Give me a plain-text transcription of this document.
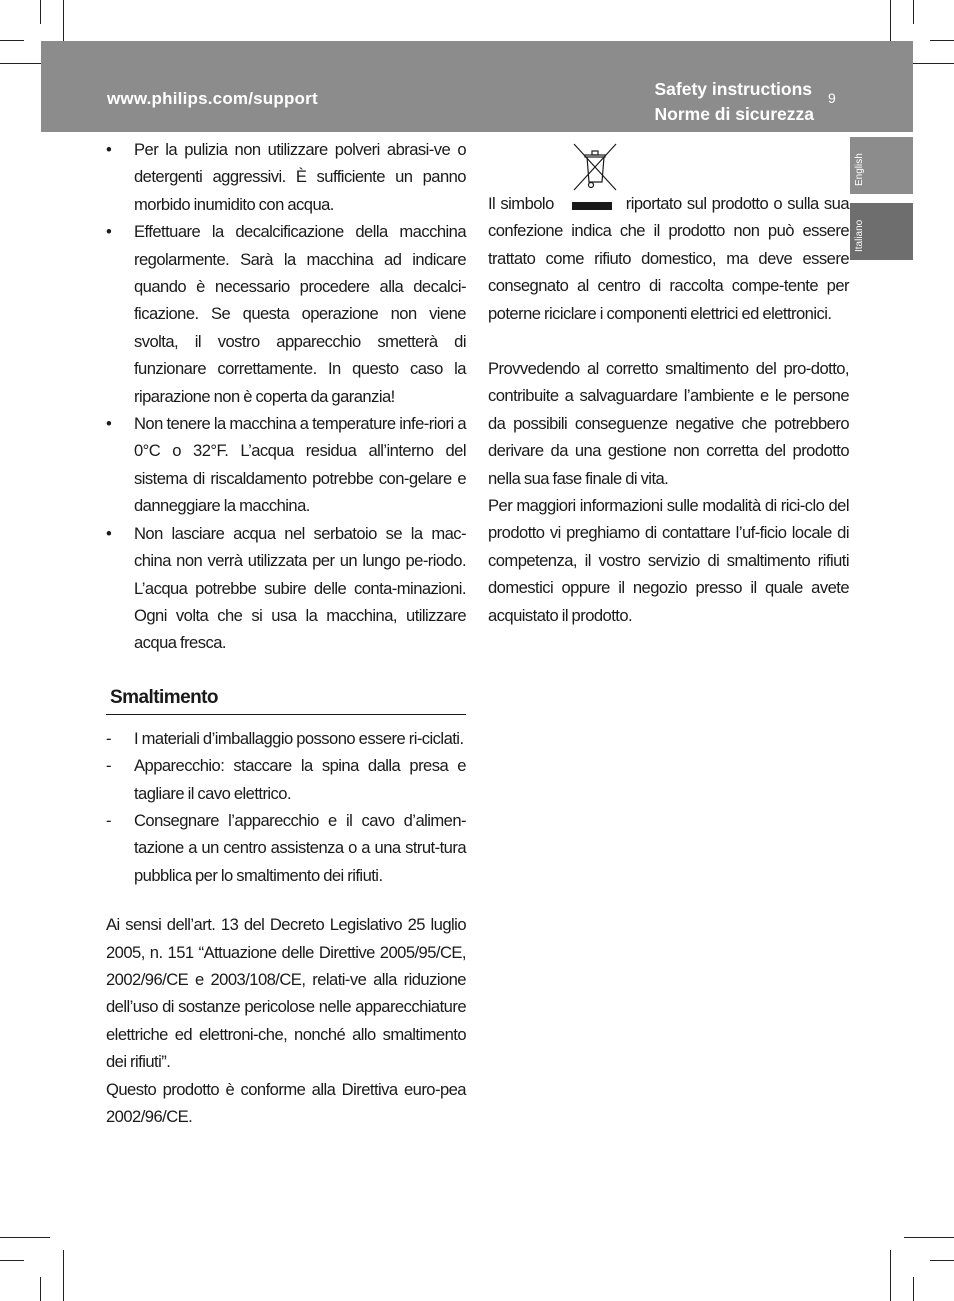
www.philips.com/support	Safety instructions
Norme di sicurezza
9
English
Italiano
•	Per la pulizia non utilizzare polveri abrasi-ve o detergenti aggressivi. È sufficiente un panno morbido inumidito con acqua.
•	Effettuare la decalcificazione della macchina regolarmente. Sarà la macchina ad indicare quando è necessario procedere alla decalci-ficazione. Se questa operazione non viene svolta, il vostro apparecchio smetterà di funzionare correttamente. In questo caso la riparazione non è coperta da garanzia!
•	Non tenere la macchina a temperature infe-riori a 0°C o 32°F. L’acqua residua all’interno del sistema di riscaldamento potrebbe con-gelare e danneggiare la macchina.
•	Non lasciare acqua nel serbatoio se la mac-china non verrà utilizzata per un lungo pe-riodo. L’acqua potrebbe subire delle conta-minazioni. Ogni volta che si usa la macchina, utilizzare acqua fresca.
Smaltimento
-	I materiali d’imballaggio possono essere ri-ciclati.
-	Apparecchio: staccare la spina dalla presa e tagliare il cavo elettrico.
-	Consegnare l’apparecchio e il cavo d’alimen-tazione a un centro assistenza o a una strut-tura pubblica per lo smaltimento dei rifiuti.
Ai sensi dell’art. 13 del Decreto Legislativo 25 luglio 2005, n. 151 “Attuazione delle Direttive 2005/95/CE, 2002/96/CE e 2003/108/CE, relati-ve alla riduzione dell’uso di sostanze pericolose nelle apparecchiature elettriche ed elettroni-che, nonché allo smaltimento dei rifiuti”.
Questo prodotto è conforme alla Direttiva euro-pea 2002/96/CE.
Il simbolo	riportato sul prodotto o sulla sua confezione indica che il prodotto non può essere trattato come rifiuto domestico, ma deve essere consegnato al centro di raccolta compe-tente per poterne riciclare i componenti elettrici ed elettronici.
Provvedendo al corretto smaltimento del pro-dotto, contribuite a salvaguardare l’ambiente e le persone da possibili conseguenze negative che potrebbero derivare da una gestione non corretta del prodotto nella sua fase finale di vita.
Per maggiori informazioni sulle modalità di rici-clo del prodotto vi preghiamo di contattare l’uf-ficio locale di competenza, il vostro servizio di smaltimento rifiuti domestici oppure il negozio presso il quale avete acquistato il prodotto.
